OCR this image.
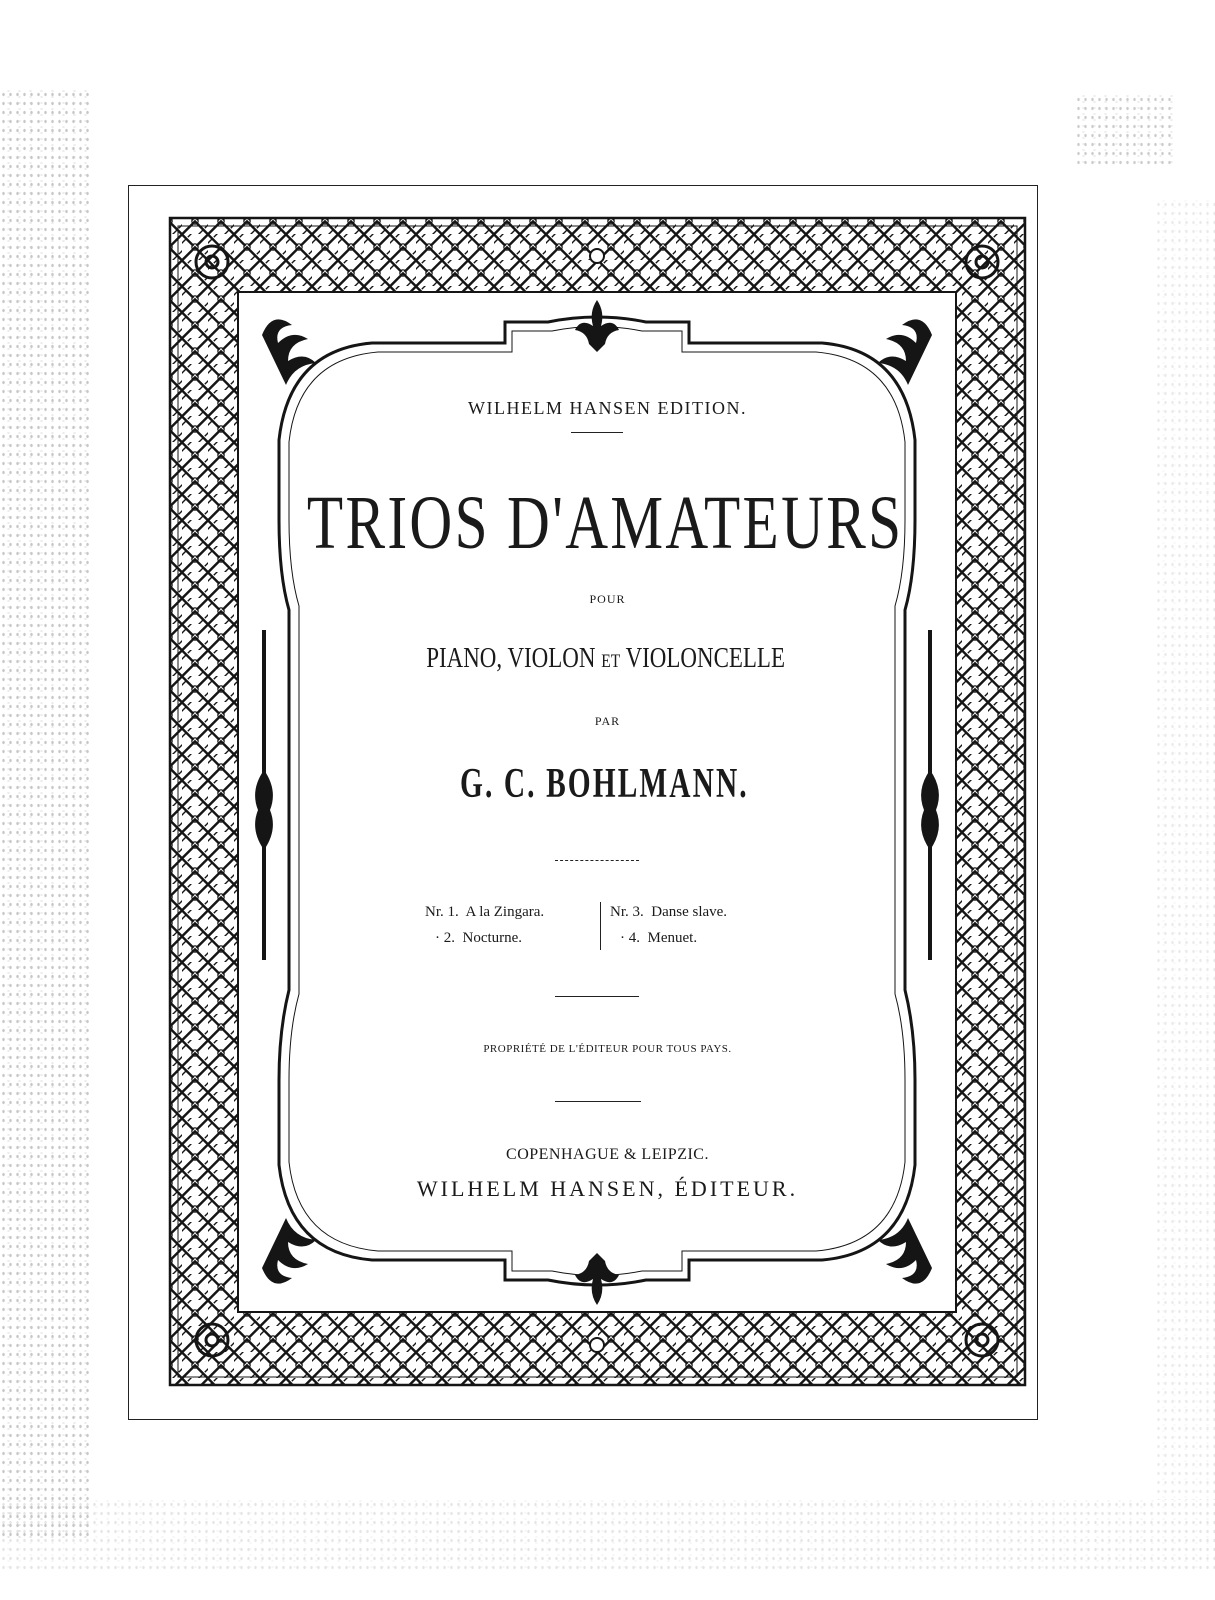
WILHELM HANSEN EDITION.
TRIOS D'AMATEURS
POUR
PIANO, VIOLON ET VIOLONCELLE
PAR
G. C. BOHLMANN.
Nr. 1. A la Zingara.
· 2. Nocturne.
Nr. 3. Danse slave.
· 4. Menuet.
PROPRIÉTÉ DE L'ÉDITEUR POUR TOUS PAYS.
COPENHAGUE & LEIPZIC.
WILHELM HANSEN, ÉDITEUR.
